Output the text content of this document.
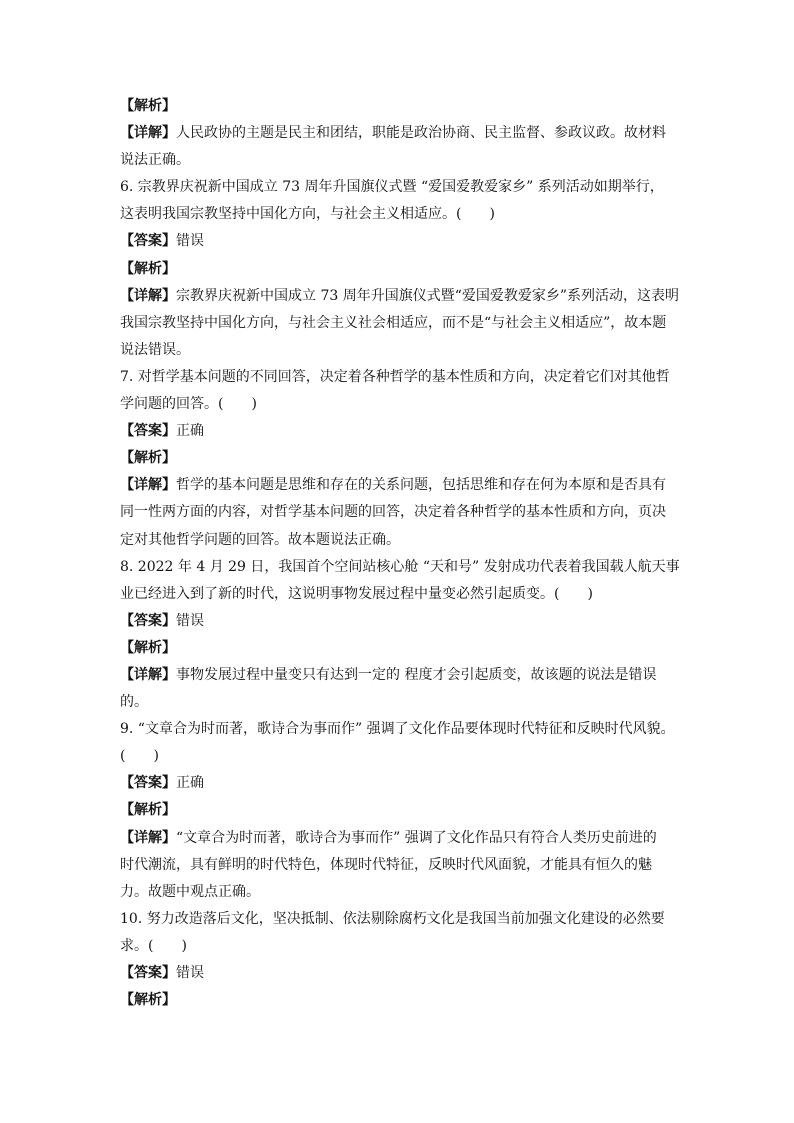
【解析】
【详解】人民政协的主题是民主和团结，职能是政治协商、民主监督、参政议政。故材料
说法正确。
6. 宗教界庆祝新中国成立 73 周年升国旗仪式暨 “爱国爱教爱家乡” 系列活动如期举行，
这表明我国宗教坚持中国化方向，与社会主义相适应。(　　)
【答案】错误
【解析】
【详解】宗教界庆祝新中国成立 73 周年升国旗仪式暨“爱国爱教爱家乡”系列活动，这表明
我国宗教坚持中国化方向，与社会主义社会相适应，而不是“与社会主义相适应”，故本题
说法错误。
7. 对哲学基本问题的不同回答，决定着各种哲学的基本性质和方向，决定着它们对其他哲
学问题的回答。(　　)
【答案】正确
【解析】
【详解】哲学的基本问题是思维和存在的关系问题，包括思维和存在何为本原和是否具有
同一性两方面的内容，对哲学基本问题的回答，决定着各种哲学的基本性质和方向，页决
定对其他哲学问题的回答。故本题说法正确。
8. 2022 年 4 月 29 日，我国首个空间站核心舱 “天和号” 发射成功代表着我国载人航天事
业已经进入到了新的时代，这说明事物发展过程中量变必然引起质变。(　　)
【答案】错误
【解析】
【详解】事物发展过程中量变只有达到一定的 程度才会引起质变，故该题的说法是错误
的。
9. “文章合为时而著，歌诗合为事而作” 强调了文化作品要体现时代特征和反映时代风貌。
(　　)
【答案】正确
【解析】
【详解】“文章合为时而著，歌诗合为事而作” 强调了文化作品只有符合人类历史前进的
时代潮流，具有鲜明的时代特色，体现时代特征，反映时代风面貌，才能具有恒久的魅
力。故题中观点正确。
10. 努力改造落后文化，坚决抵制、依法剔除腐朽文化是我国当前加强文化建设的必然要
求。(　　)
【答案】错误
【解析】
